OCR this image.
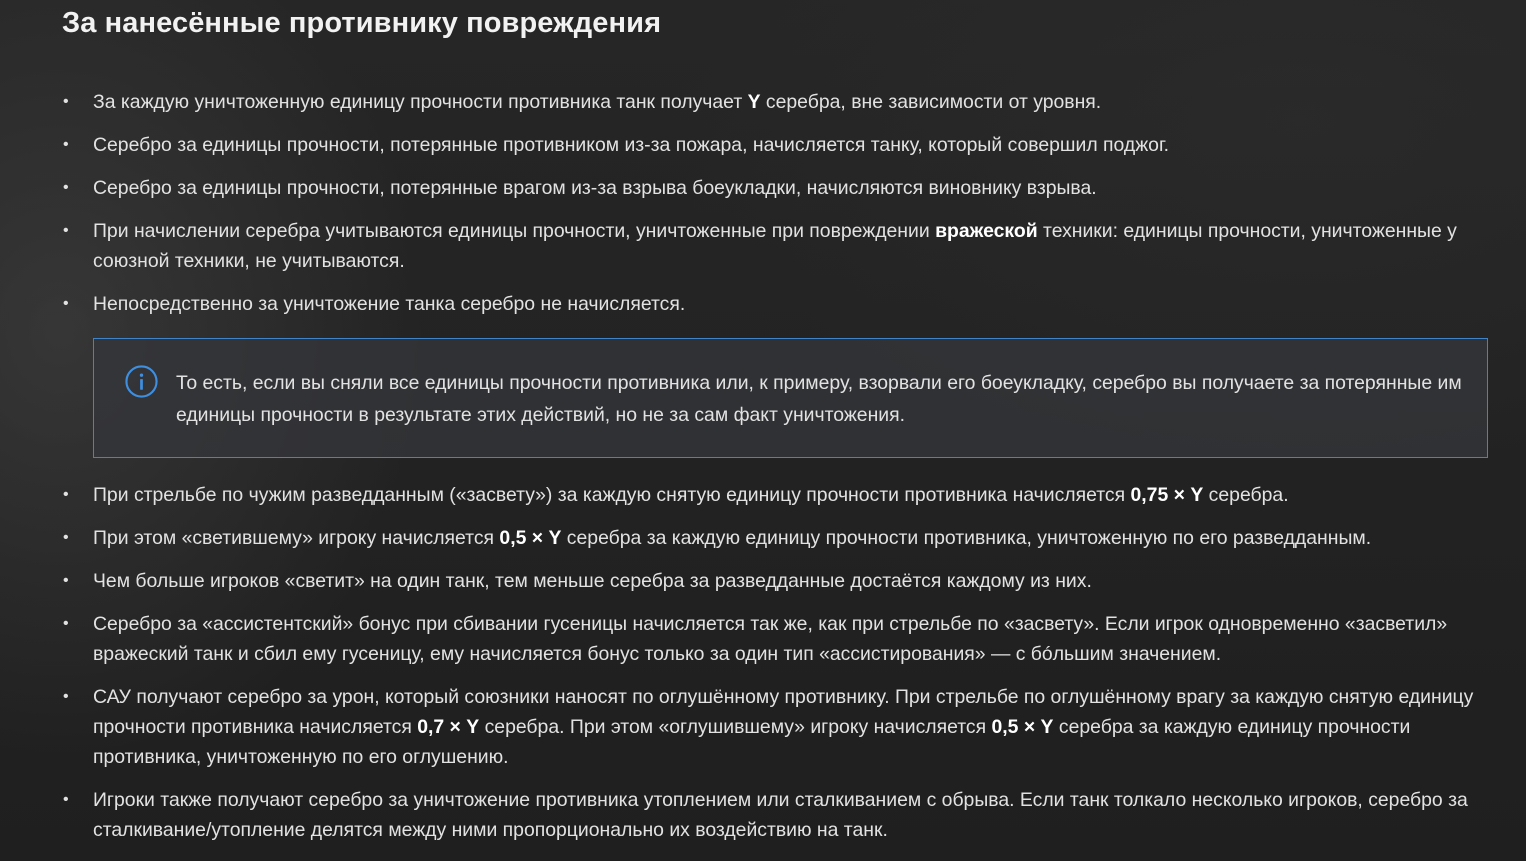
За нанесённые противнику повреждения
• За каждую уничтоженную единицу прочности противника танк получает Y серебра, вне зависимости от уровня.
• Серебро за единицы прочности, потерянные противником из-за пожара, начисляется танку, который совершил поджог.
• Серебро за единицы прочности, потерянные врагом из-за взрыва боеукладки, начисляются виновнику взрыва.
• При начислении серебра учитываются единицы прочности, уничтоженные при повреждении вражеской техники: единицы прочности, уничтоженные у союзной техники, не учитываются.
• Непосредственно за уничтожение танка серебро не начисляется.
То есть, если вы сняли все единицы прочности противника или, к примеру, взорвали его боеукладку, серебро вы получаете за потерянные им единицы прочности в результате этих действий, но не за сам факт уничтожения.
• При стрельбе по чужим разведданным («засвету») за каждую снятую единицу прочности противника начисляется 0,75 × Y серебра.
• При этом «светившему» игроку начисляется 0,5 × Y серебра за каждую единицу прочности противника, уничтоженную по его разведданным.
• Чем больше игроков «светит» на один танк, тем меньше серебра за разведданные достаётся каждому из них.
• Серебро за «ассистентский» бонус при сбивании гусеницы начисляется так же, как при стрельбе по «засвету». Если игрок одновременно «засветил» вражеский танк и сбил ему гусеницу, ему начисляется бонус только за один тип «ассистирования» — с бóльшим значением.
• САУ получают серебро за урон, который союзники наносят по оглушённому противнику. При стрельбе по оглушённому врагу за каждую снятую единицу прочности противника начисляется 0,7 × Y серебра. При этом «оглушившему» игроку начисляется 0,5 × Y серебра за каждую единицу прочности противника, уничтоженную по его оглушению.
• Игроки также получают серебро за уничтожение противника утоплением или сталкиванием с обрыва. Если танк толкало несколько игроков, серебро за сталкивание/утопление делятся между ними пропорционально их воздействию на танк.
